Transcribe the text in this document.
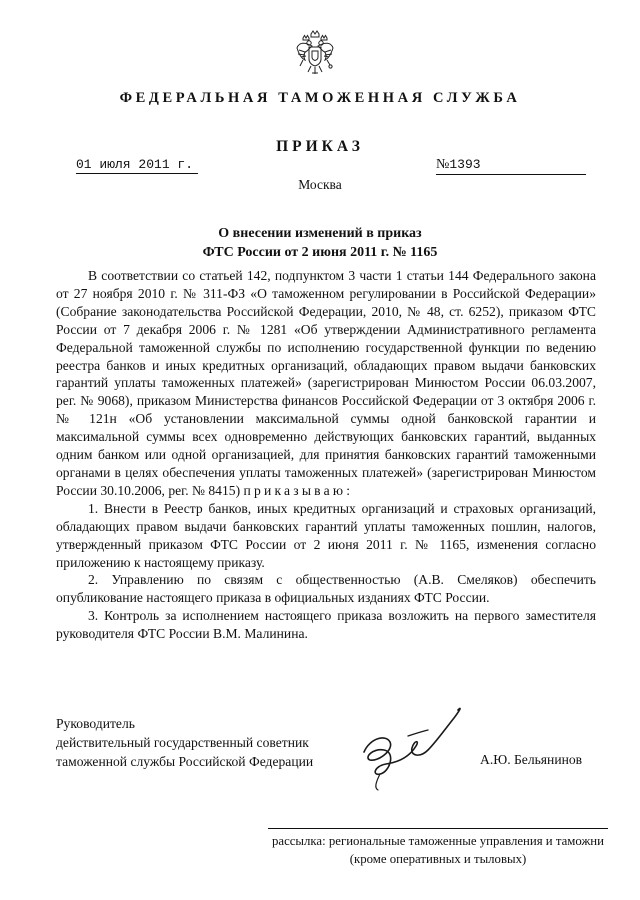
ФЕДЕРАЛЬНАЯ ТАМОЖЕННАЯ СЛУЖБА
ПРИКАЗ
01 июля 2011 г.	№1393
Москва
О внесении изменений в приказ
ФТС России от 2 июня 2011 г. № 1165

В соответствии со статьей 142, подпунктом 3 части 1 статьи 144 Федерального закона от 27 ноября 2010 г. № 311-ФЗ «О таможенном регулировании в Российской Федерации» (Собрание законодательства Российской Федерации, 2010, № 48, ст. 6252), приказом ФТС России от 7 декабря 2006 г. № 1281 «Об утверждении Административного регламента Федеральной таможенной службы по исполнению государственной функции по ведению реестра банков и иных кредитных организаций, обладающих правом выдачи банковских гарантий уплаты таможенных платежей» (зарегистрирован Минюстом России 06.03.2007, рег. № 9068), приказом Министерства финансов Российской Федерации от 3 октября 2006 г. № 121н «Об установлении максимальной суммы одной банковской гарантии и максимальной суммы всех одновременно действующих банковских гарантий, выданных одним банком или одной организацией, для принятия банковских гарантий таможенными органами в целях обеспечения уплаты таможенных платежей» (зарегистрирован Минюстом России 30.10.2006, рег. № 8415) приказываю:

1. Внести в Реестр банков, иных кредитных организаций и страховых организаций, обладающих правом выдачи банковских гарантий уплаты таможенных пошлин, налогов, утвержденный приказом ФТС России от 2 июня 2011 г. № 1165, изменения согласно приложению к настоящему приказу.

2. Управлению по связям с общественностью (А.В. Смеляков) обеспечить опубликование настоящего приказа в официальных изданиях ФТС России.

3. Контроль за исполнением настоящего приказа возложить на первого заместителя руководителя ФТС России В.М. Малинина.

Руководитель
действительный государственный советник
таможенной службы Российской Федерации	А.Ю. Бельянинов
рассылка: региональные таможенные управления и таможни
(кроме оперативных и тыловых)
